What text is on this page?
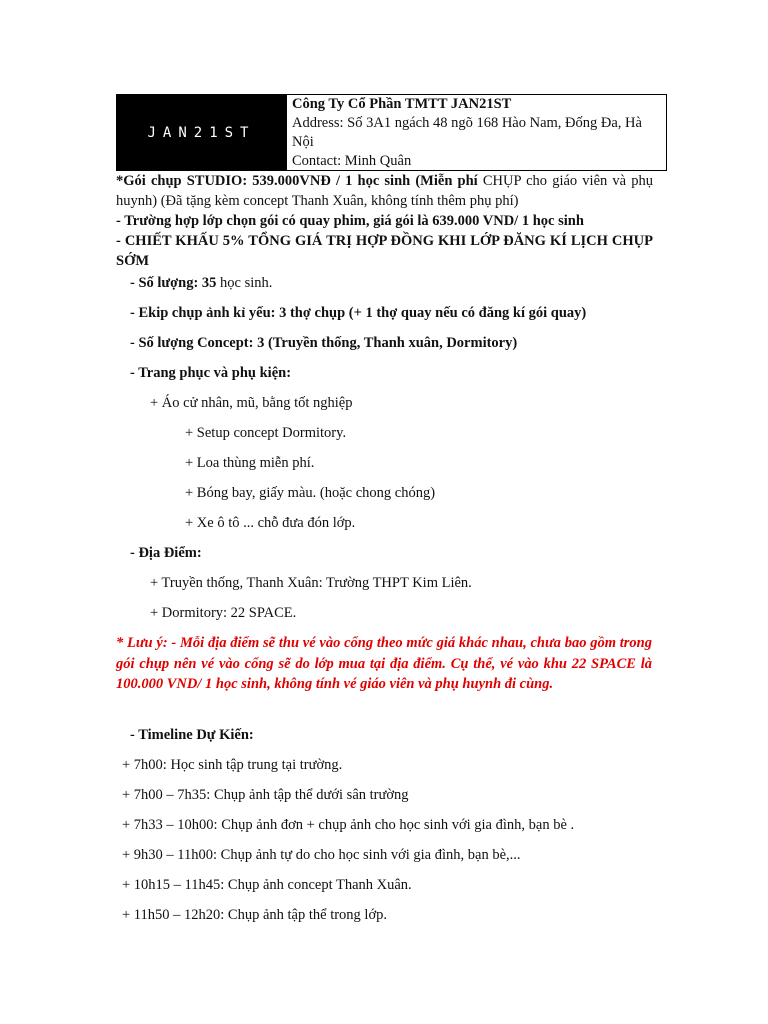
JAN21ST
Công Ty Cổ Phần TMTT JAN21ST
Address: Số 3A1 ngách 48 ngõ 168 Hào Nam, Đống Đa, Hà Nội
Contact: Minh Quân

*Gói chụp STUDIO: 539.000VNĐ / 1 học sinh (Miễn phí CHỤP cho giáo viên và phụ huynh) (Đã tặng kèm concept Thanh Xuân, không tính thêm phụ phí)

- Trường hợp lớp chọn gói có quay phim, giá gói là 639.000 VND/ 1 học sinh

- CHIẾT KHẤU 5% TỔNG GIÁ TRỊ HỢP ĐỒNG KHI LỚP ĐĂNG KÍ LỊCH CHỤP SỚM

- Số lượng: 35 học sinh.
- Ekip chụp ảnh kỉ yếu: 3 thợ chụp (+ 1 thợ quay nếu có đăng kí gói quay)
- Số lượng Concept: 3 (Truyền thống, Thanh xuân, Dormitory)
- Trang phục và phụ kiện:
+ Áo cử nhân, mũ, bằng tốt nghiệp
+ Setup concept Dormitory.
+ Loa thùng miễn phí.
+ Bóng bay, giấy màu. (hoặc chong chóng)
+ Xe ô tô ... chỗ đưa đón lớp.
- Địa Điểm:
+ Truyền thống, Thanh Xuân: Trường THPT Kim Liên.
+ Dormitory: 22 SPACE.
* Lưu ý: - Mỗi địa điểm sẽ thu vé vào cổng theo mức giá khác nhau, chưa bao gồm trong gói chụp nên vé vào cổng sẽ do lớp mua tại địa điểm. Cụ thể, vé vào khu 22 SPACE là 100.000 VND/ 1 học sinh, không tính vé giáo viên và phụ huynh đi cùng.
- Timeline Dự Kiến:
+ 7h00: Học sinh tập trung tại trường.
+ 7h00 – 7h35: Chụp ảnh tập thể dưới sân trường
+ 7h33 – 10h00: Chụp ảnh đơn + chụp ảnh cho học sinh với gia đình, bạn bè .
+ 9h30 – 11h00: Chụp ảnh tự do cho học sinh với gia đình, bạn bè,...
+ 10h15 – 11h45: Chụp ảnh concept Thanh Xuân.
+ 11h50 – 12h20: Chụp ảnh tập thể trong lớp.
